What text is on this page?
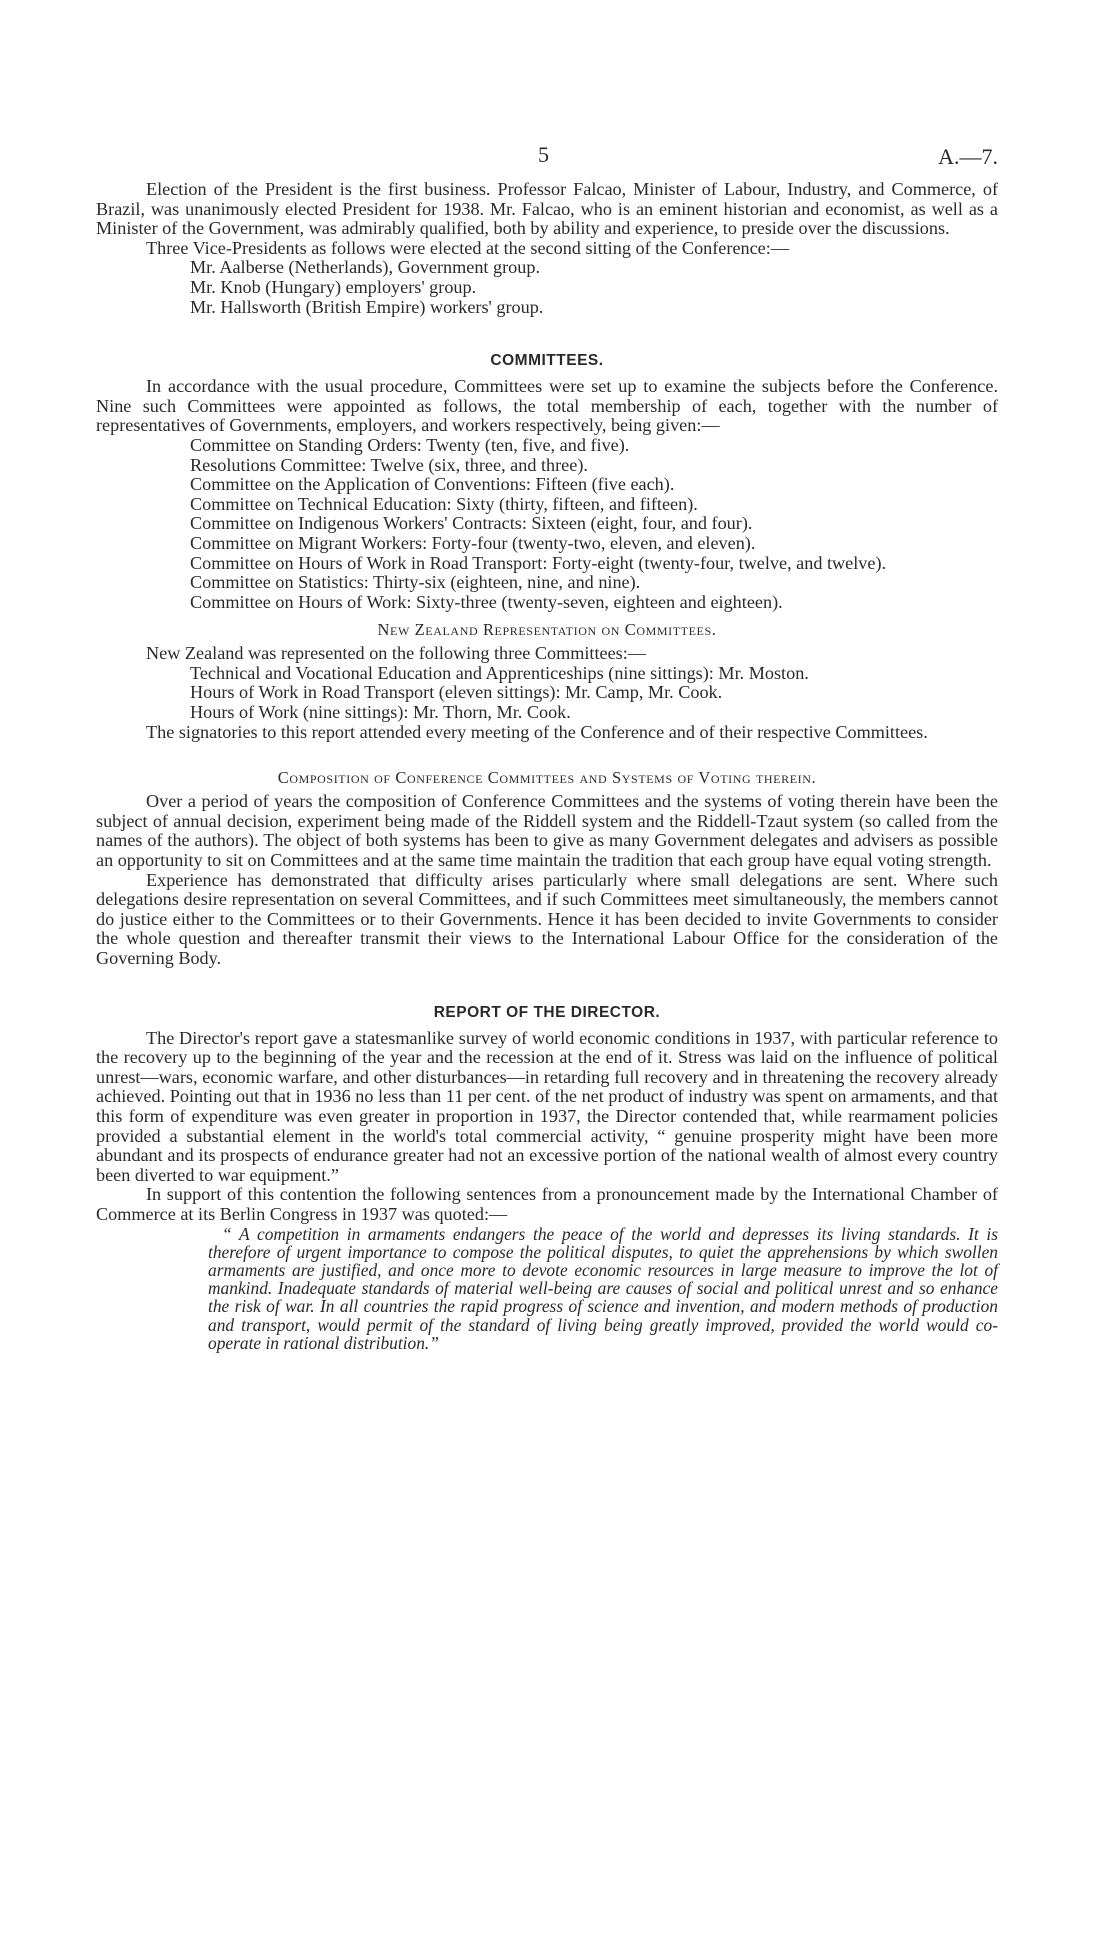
5	A.—7.

Election of the President is the first business. Professor Falcao, Minister of Labour, Industry, and Commerce, of Brazil, was unanimously elected President for 1938. Mr. Falcao, who is an eminent historian and economist, as well as a Minister of the Government, was admirably qualified, both by ability and experience, to preside over the discussions.

Three Vice-Presidents as follows were elected at the second sitting of the Conference:—

Mr. Aalberse (Netherlands), Government group.

Mr. Knob (Hungary) employers' group.

Mr. Hallsworth (British Empire) workers' group.

COMMITTEES.

In accordance with the usual procedure, Committees were set up to examine the subjects before the Conference. Nine such Committees were appointed as follows, the total membership of each, together with the number of representatives of Governments, employers, and workers respectively, being given:—

Committee on Standing Orders: Twenty (ten, five, and five).

Resolutions Committee: Twelve (six, three, and three).

Committee on the Application of Conventions: Fifteen (five each).

Committee on Technical Education: Sixty (thirty, fifteen, and fifteen).

Committee on Indigenous Workers' Contracts: Sixteen (eight, four, and four).

Committee on Migrant Workers: Forty-four (twenty-two, eleven, and eleven).

Committee on Hours of Work in Road Transport: Forty-eight (twenty-four, twelve, and twelve).

Committee on Statistics: Thirty-six (eighteen, nine, and nine).

Committee on Hours of Work: Sixty-three (twenty-seven, eighteen and eighteen).

New Zealand Representation on Committees.

New Zealand was represented on the following three Committees:—

Technical and Vocational Education and Apprenticeships (nine sittings): Mr. Moston.

Hours of Work in Road Transport (eleven sittings): Mr. Camp, Mr. Cook.

Hours of Work (nine sittings): Mr. Thorn, Mr. Cook.

The signatories to this report attended every meeting of the Conference and of their respective Committees.

Composition of Conference Committees and Systems of Voting therein.

Over a period of years the composition of Conference Committees and the systems of voting therein have been the subject of annual decision, experiment being made of the Riddell system and the Riddell-Tzaut system (so called from the names of the authors). The object of both systems has been to give as many Government delegates and advisers as possible an opportunity to sit on Committees and at the same time maintain the tradition that each group have equal voting strength.

Experience has demonstrated that difficulty arises particularly where small delegations are sent. Where such delegations desire representation on several Committees, and if such Committees meet simultaneously, the members cannot do justice either to the Committees or to their Governments. Hence it has been decided to invite Governments to consider the whole question and thereafter transmit their views to the International Labour Office for the consideration of the Governing Body.

REPORT OF THE DIRECTOR.

The Director's report gave a statesmanlike survey of world economic conditions in 1937, with particular reference to the recovery up to the beginning of the year and the recession at the end of it. Stress was laid on the influence of political unrest—wars, economic warfare, and other disturbances—in retarding full recovery and in threatening the recovery already achieved. Pointing out that in 1936 no less than 11 per cent. of the net product of industry was spent on armaments, and that this form of expenditure was even greater in proportion in 1937, the Director contended that, while rearmament policies provided a substantial element in the world's total commercial activity, “ genuine prosperity might have been more abundant and its prospects of endurance greater had not an excessive portion of the national wealth of almost every country been diverted to war equipment.”

In support of this contention the following sentences from a pronouncement made by the International Chamber of Commerce at its Berlin Congress in 1937 was quoted:—

“ A competition in armaments endangers the peace of the world and depresses its living standards. It is therefore of urgent importance to compose the political disputes, to quiet the apprehensions by which swollen armaments are justified, and once more to devote economic resources in large measure to improve the lot of mankind. Inadequate standards of material well-being are causes of social and political unrest and so enhance the risk of war. In all countries the rapid progress of science and invention, and modern methods of production and transport, would permit of the standard of living being greatly improved, provided the world would co-operate in rational distribution.”
